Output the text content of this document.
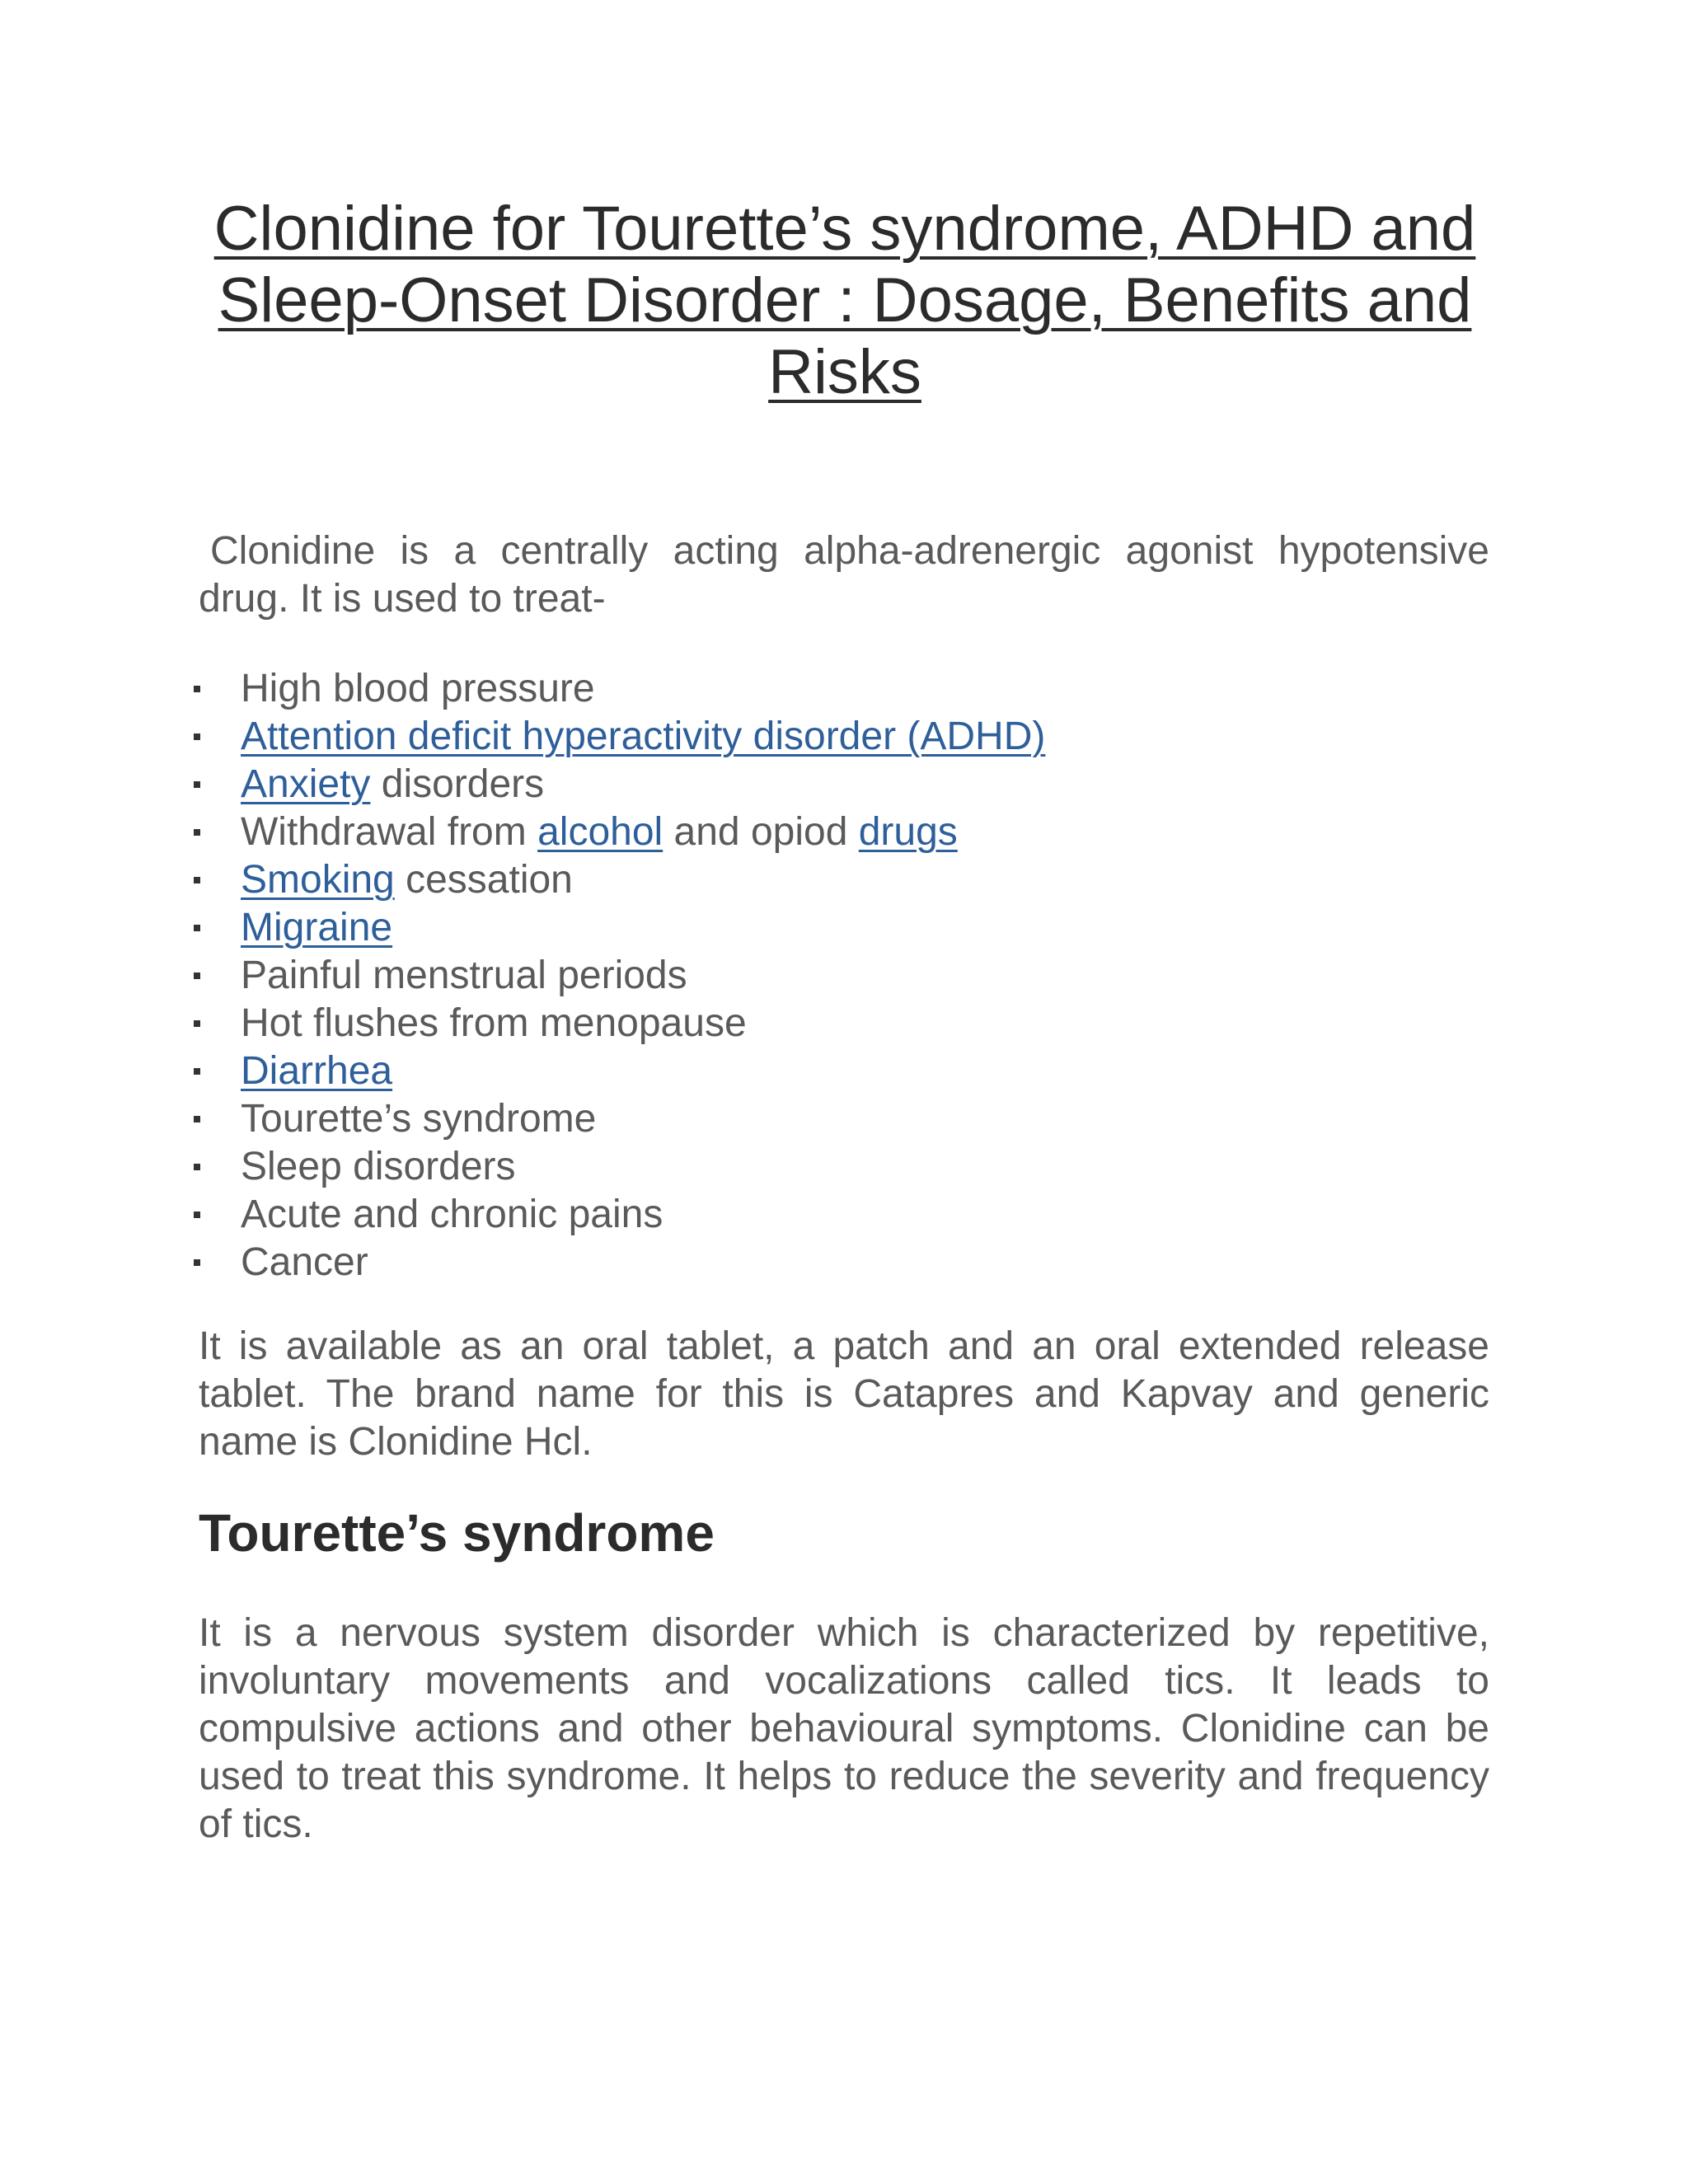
Clonidine for Tourette’s syndrome, ADHD and Sleep-Onset Disorder : Dosage, Benefits and Risks

Clonidine is a centrally acting alpha-adrenergic agonist hypotensive drug. It is used to treat-

High blood pressure
Attention deficit hyperactivity disorder (ADHD)
Anxiety disorders
Withdrawal from alcohol and opiod drugs
Smoking cessation
Migraine
Painful menstrual periods
Hot flushes from menopause
Diarrhea
Tourette’s syndrome
Sleep disorders
Acute and chronic pains
Cancer

It is available as an oral tablet, a patch and an oral extended release tablet. The brand name for this is Catapres and Kapvay and generic name is Clonidine Hcl.

Tourette’s syndrome

It is a nervous system disorder which is characterized by repetitive, involuntary movements and vocalizations called tics. It leads to compulsive actions and other behavioural symptoms. Clonidine can be used to treat this syndrome. It helps to reduce the severity and frequency of tics.
